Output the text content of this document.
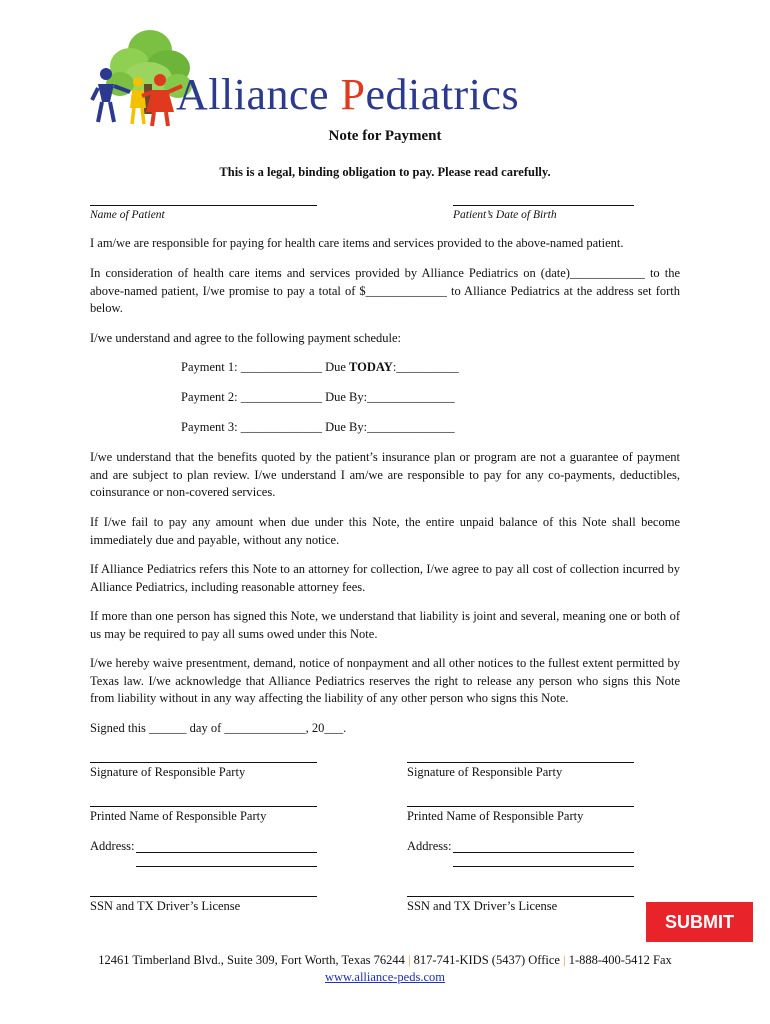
Alliance Pediatrics
Note for Payment
This is a legal, binding obligation to pay. Please read carefully.
Name of Patient	Patient’s Date of Birth
I am/we are responsible for paying for health care items and services provided to the above-named patient.
In consideration of health care items and services provided by Alliance Pediatrics on (date)____________ to the above-named patient, I/we promise to pay a total of $_____________ to Alliance Pediatrics at the address set forth below.
I/we understand and agree to the following payment schedule:
Payment 1: _____________ Due TODAY:__________
Payment 2: _____________ Due By:______________
Payment 3: _____________ Due By:______________
I/we understand that the benefits quoted by the patient’s insurance plan or program are not a guarantee of payment and are subject to plan review. I/we understand I am/we are responsible to pay for any co-payments, deductibles, coinsurance or non-covered services.
If I/we fail to pay any amount when due under this Note, the entire unpaid balance of this Note shall become immediately due and payable, without any notice.
If Alliance Pediatrics refers this Note to an attorney for collection, I/we agree to pay all cost of collection incurred by Alliance Pediatrics, including reasonable attorney fees.
If more than one person has signed this Note, we understand that liability is joint and several, meaning one or both of us may be required to pay all sums owed under this Note.
I/we hereby waive presentment, demand, notice of nonpayment and all other notices to the fullest extent permitted by Texas law. I/we acknowledge that Alliance Pediatrics reserves the right to release any person who signs this Note from liability without in any way affecting the liability of any other person who signs this Note.
Signed this ______ day of _____________, 20___.
Signature of Responsible Party	Signature of Responsible Party
Printed Name of Responsible Party	Printed Name of Responsible Party
Address:	Address:
SSN and TX Driver’s License	SSN and TX Driver’s License
SUBMIT
12461 Timberland Blvd., Suite 309, Fort Worth, Texas 76244 | 817-741-KIDS (5437) Office | 1-888-400-5412 Fax
www.alliance-peds.com
